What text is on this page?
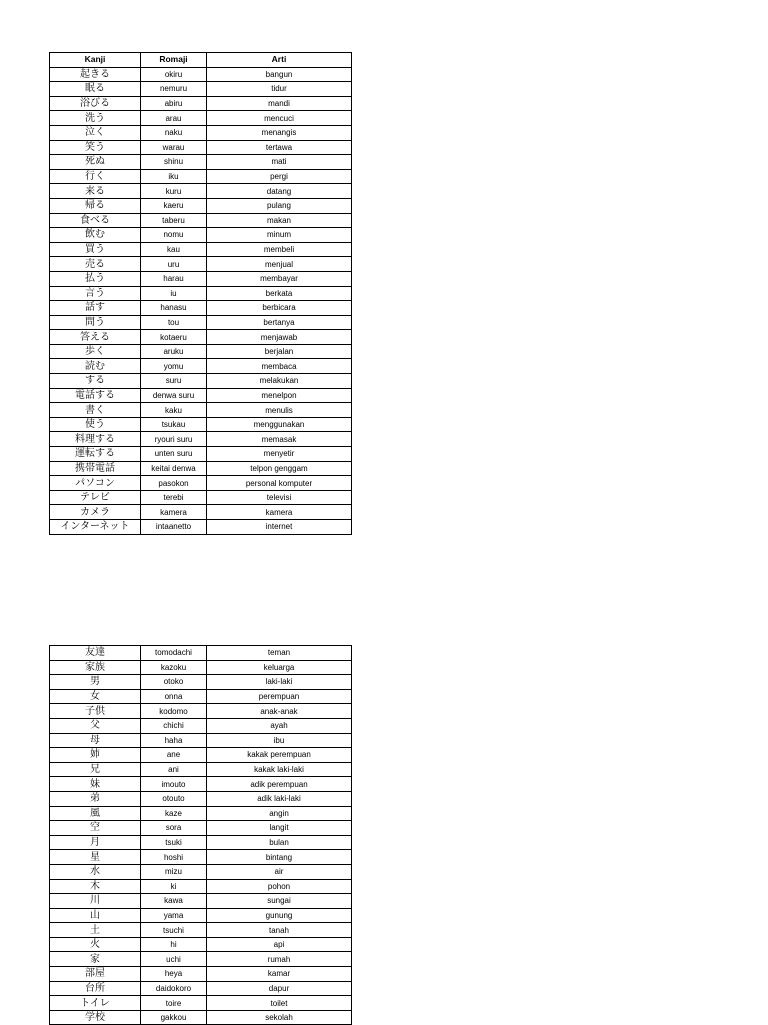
Kanji	Romaji	Arti
起きる	okiru	bangun
眠る	nemuru	tidur
浴びる	abiru	mandi
洗う	arau	mencuci
泣く	naku	menangis
笑う	warau	tertawa
死ぬ	shinu	mati
行く	iku	pergi
来る	kuru	datang
帰る	kaeru	pulang
食べる	taberu	makan
飲む	nomu	minum
買う	kau	membeli
売る	uru	menjual
払う	harau	membayar
言う	iu	berkata
話す	hanasu	berbicara
問う	tou	bertanya
答える	kotaeru	menjawab
歩く	aruku	berjalan
読む	yomu	membaca
する	suru	melakukan
電話する	denwa suru	menelpon
書く	kaku	menulis
使う	tsukau	menggunakan
料理する	ryouri suru	memasak
運転する	unten suru	menyetir
携帯電話	keitai denwa	telpon genggam
パソコン	pasokon	personal komputer
テレビ	terebi	televisi
カメラ	kamera	kamera
インターネット	intaanetto	internet
友達	tomodachi	teman
家族	kazoku	keluarga
男	otoko	laki-laki
女	onna	perempuan
子供	kodomo	anak-anak
父	chichi	ayah
母	haha	ibu
姉	ane	kakak perempuan
兄	ani	kakak laki-laki
妹	imouto	adik perempuan
弟	otouto	adik laki-laki
風	kaze	angin
空	sora	langit
月	tsuki	bulan
星	hoshi	bintang
水	mizu	air
木	ki	pohon
川	kawa	sungai
山	yama	gunung
土	tsuchi	tanah
火	hi	api
家	uchi	rumah
部屋	heya	kamar
台所	daidokoro	dapur
トイレ	toire	toilet
学校	gakkou	sekolah
